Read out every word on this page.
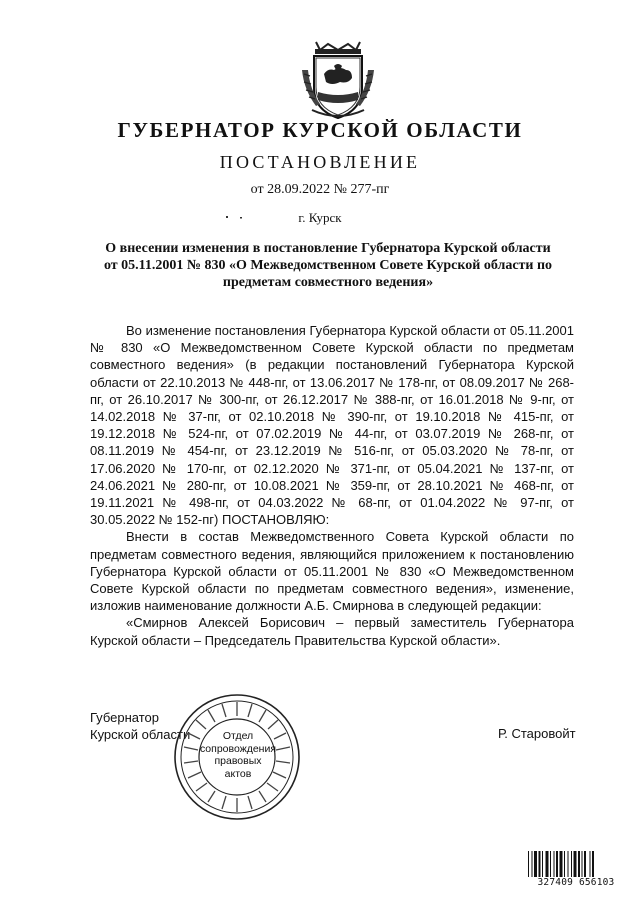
ГУБЕРНАТОР КУРСКОЙ ОБЛАСТИ
ПОСТАНОВЛЕНИЕ
от 28.09.2022 № 277-пг
г. Курск
О внесении изменения в постановление Губернатора Курской области
от 05.11.2001 № 830 «О Межведомственном Совете Курской области по
предметам совместного ведения»

Во изменение постановления Губернатора Курской области от 05.11.2001 № 830 «О Межведомственном Совете Курской области по предметам совместного ведения» (в редакции постановлений Губернатора Курской области от 22.10.2013 № 448-пг, от 13.06.2017 № 178-пг, от 08.09.2017 № 268-пг, от 26.10.2017 № 300-пг, от 26.12.2017 № 388-пг, от 16.01.2018 № 9-пг, от 14.02.2018 № 37-пг, от 02.10.2018 № 390-пг, от 19.10.2018 № 415-пг, от 19.12.2018 № 524-пг, от 07.02.2019 № 44-пг, от 03.07.2019 № 268-пг, от 08.11.2019 № 454-пг, от 23.12.2019 № 516-пг, от 05.03.2020 № 78-пг, от 17.06.2020 № 170-пг, от 02.12.2020 № 371-пг, от 05.04.2021 № 137-пг, от 24.06.2021 № 280-пг, от 10.08.2021 № 359-пг, от 28.10.2021 № 468-пг, от 19.11.2021 № 498-пг, от 04.03.2022 № 68-пг, от 01.04.2022 № 97-пг, от 30.05.2022 № 152-пг) ПОСТАНОВЛЯЮ:

Внести в состав Межведомственного Совета Курской области по предметам совместного ведения, являющийся приложением к постановлению Губернатора Курской области от 05.11.2001 № 830 «О Межведомственном Совете Курской области по предметам совместного ведения», изменение, изложив наименование должности А.Б. Смирнова в следующей редакции:

«Смирнов Алексей Борисович – первый заместитель Губернатора Курской области – Председатель Правительства Курской области».

Губернатор
Курской области	Отдел
сопровождения
правовых
актов
Р. Старовойт
327409 656103
